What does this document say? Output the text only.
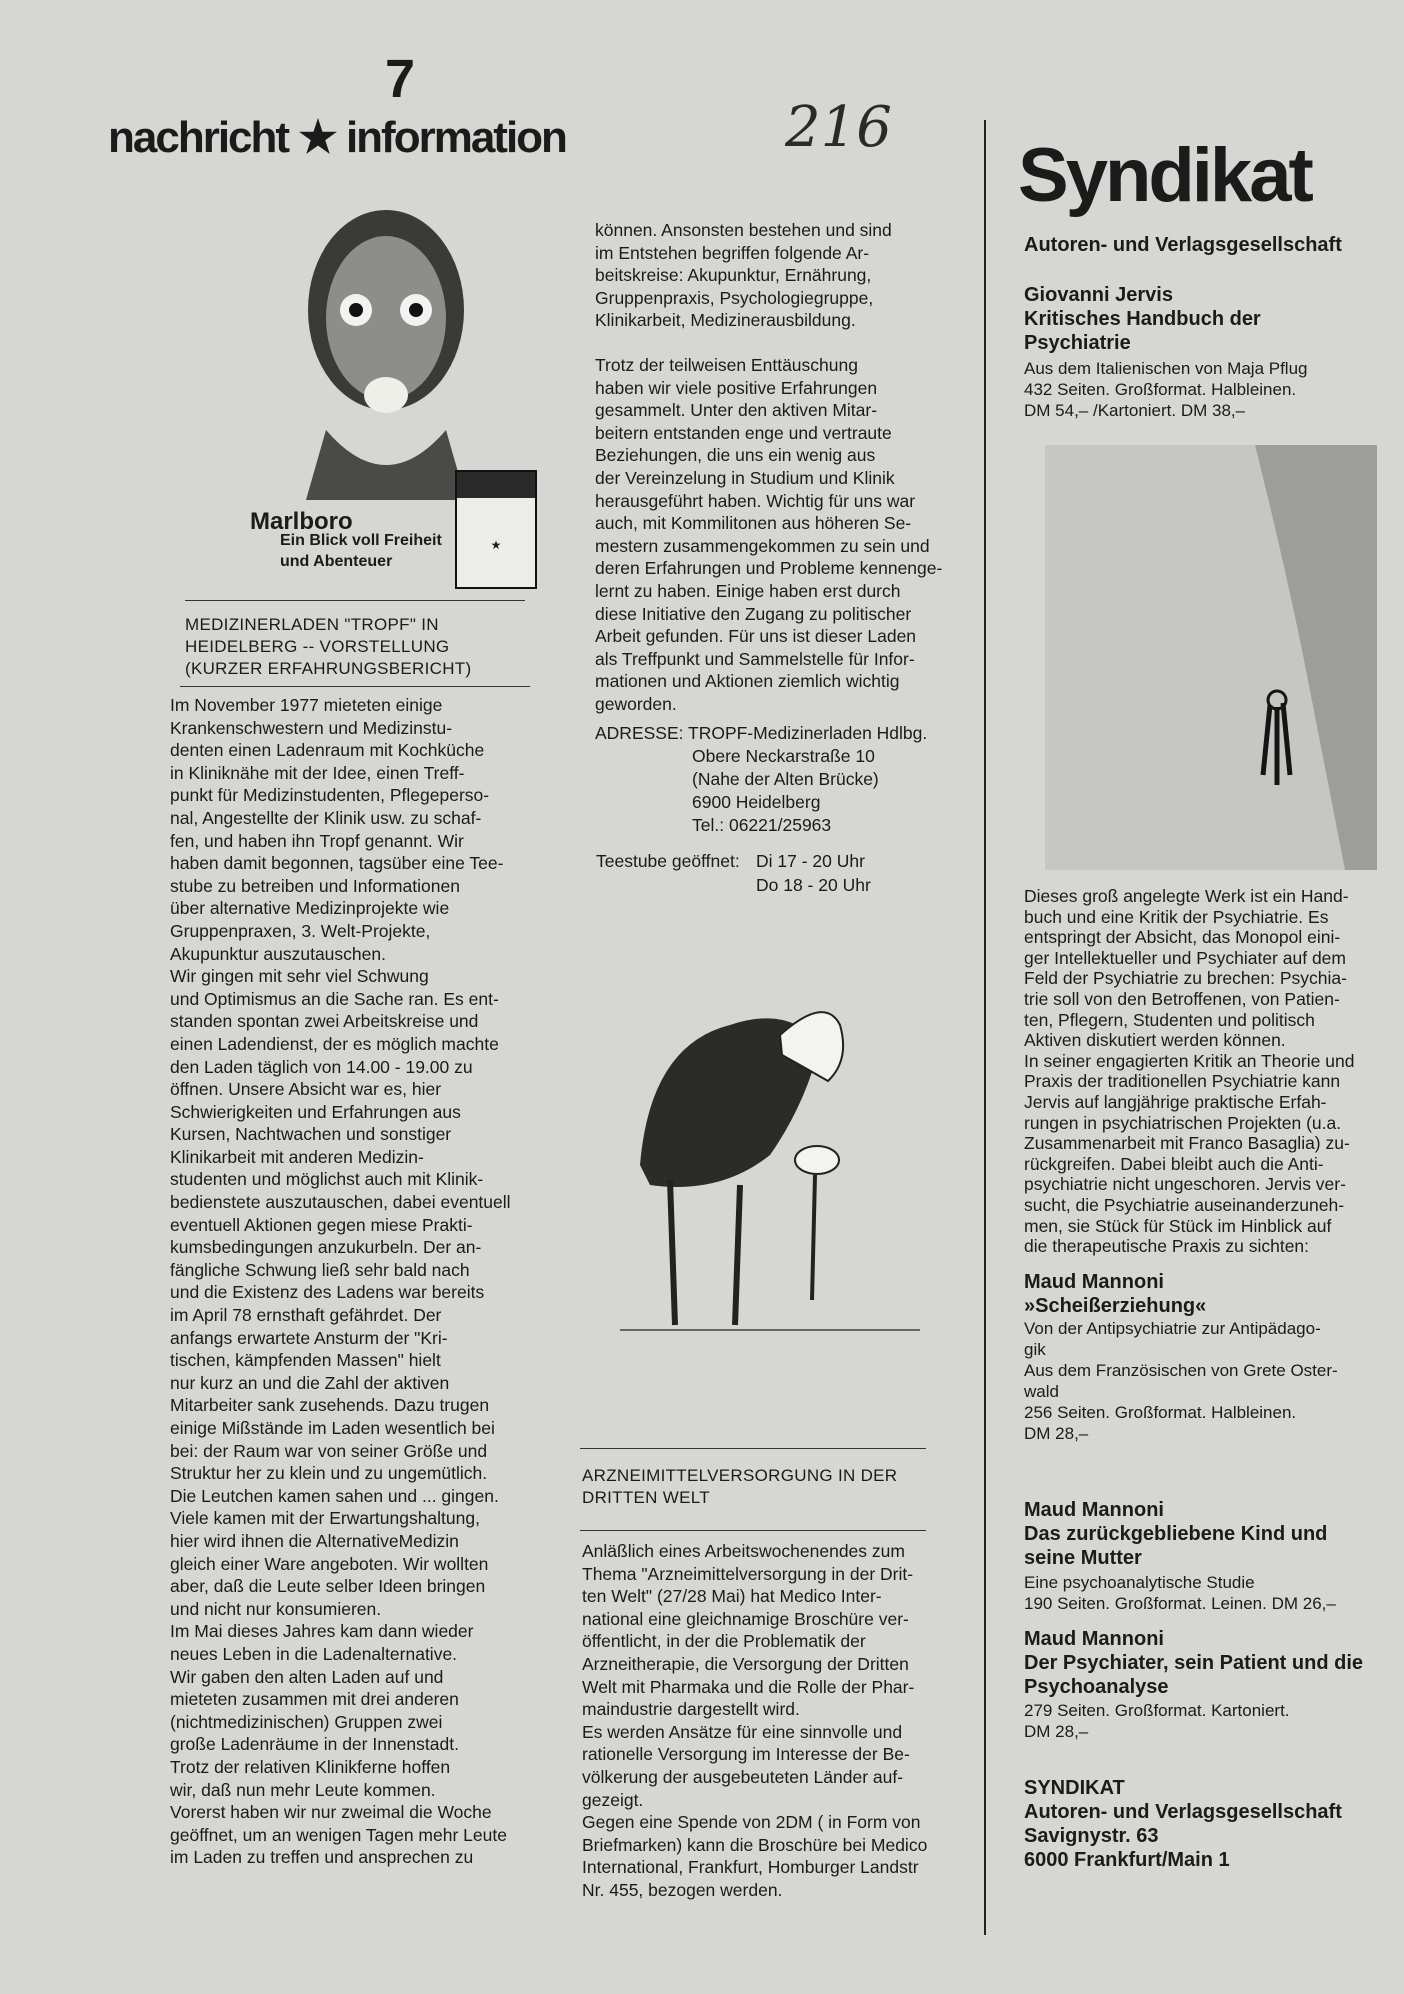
7
nachricht ★ information	216
★
Marlboro
Ein Blick voll Freiheit
und Abenteuer
MEDIZINERLADEN "TROPF" IN
HEIDELBERG -- VORSTELLUNG
(KURZER ERFAHRUNGSBERICHT)
Im November 1977 mieteten einige
Krankenschwestern und Medizinstu-
denten einen Ladenraum mit Kochküche
in Kliniknähe mit der Idee, einen Treff-
punkt für Medizinstudenten, Pflegeperso-
nal, Angestellte der Klinik usw. zu schaf-
fen, und haben ihn Tropf genannt. Wir
haben damit begonnen, tagsüber eine Tee-
stube zu betreiben und Informationen
über alternative Medizinprojekte wie
Gruppenpraxen, 3. Welt-Projekte,
Akupunktur auszutauschen.
Wir gingen mit sehr viel Schwung
und Optimismus an die Sache ran. Es ent-
standen spontan zwei Arbeitskreise und
einen Ladendienst, der es möglich machte
den Laden täglich von 14.00 - 19.00 zu
öffnen. Unsere Absicht war es, hier
Schwierigkeiten und Erfahrungen aus
Kursen, Nachtwachen und sonstiger
Klinikarbeit mit anderen Medizin-
studenten und möglichst auch mit Klinik-
bedienstete auszutauschen, dabei eventuell
eventuell Aktionen gegen miese Prakti-
kumsbedingungen anzukurbeln. Der an-
fängliche Schwung ließ sehr bald nach
und die Existenz des Ladens war bereits
im April 78 ernsthaft gefährdet. Der
anfangs erwartete Ansturm der "Kri-
tischen, kämpfenden Massen" hielt
nur kurz an und die Zahl der aktiven
Mitarbeiter sank zusehends. Dazu trugen
einige Mißstände im Laden wesentlich bei
bei: der Raum war von seiner Größe und
Struktur her zu klein und zu ungemütlich.
Die Leutchen kamen sahen und ... gingen.
Viele kamen mit der Erwartungshaltung,
hier wird ihnen die AlternativeMedizin
gleich einer Ware angeboten. Wir wollten
aber, daß die Leute selber Ideen bringen
und nicht nur konsumieren.
Im Mai dieses Jahres kam dann wieder
neues Leben in die Ladenalternative.
Wir gaben den alten Laden auf und
mieteten zusammen mit drei anderen
(nichtmedizinischen) Gruppen zwei
große Ladenräume in der Innenstadt.
Trotz der relativen Klinikferne hoffen
wir, daß nun mehr Leute kommen.
Vorerst haben wir nur zweimal die Woche
geöffnet, um an wenigen Tagen mehr Leute
im Laden zu treffen und ansprechen zu
können. Ansonsten bestehen und sind
im Entstehen begriffen folgende Ar-
beitskreise: Akupunktur, Ernährung,
Gruppenpraxis, Psychologiegruppe,
Klinikarbeit, Medizinerausbildung.
Trotz der teilweisen Enttäuschung
haben wir viele positive Erfahrungen
gesammelt. Unter den aktiven Mitar-
beitern entstanden enge und vertraute
Beziehungen, die uns ein wenig aus
der Vereinzelung in Studium und Klinik
herausgeführt haben. Wichtig für uns war
auch, mit Kommilitonen aus höheren Se-
mestern zusammengekommen zu sein und
deren Erfahrungen und Probleme kennenge-
lernt zu haben. Einige haben erst durch
diese Initiative den Zugang zu politischer
Arbeit gefunden. Für uns ist dieser Laden
als Treffpunkt und Sammelstelle für Infor-
mationen und Aktionen ziemlich wichtig
geworden.
ADRESSE: TROPF-Medizinerladen Hdlbg.
Obere Neckarstraße 10
(Nahe der Alten Brücke)
6900 Heidelberg
Tel.: 06221/25963
Teestube geöffnet: Di 17 - 20 Uhr
Do 18 - 20 Uhr
ARZNEIMITTELVERSORGUNG IN DER
DRITTEN WELT
Anläßlich eines Arbeitswochenendes zum
Thema "Arzneimittelversorgung in der Drit-
ten Welt" (27/28 Mai) hat Medico Inter-
national eine gleichnamige Broschüre ver-
öffentlicht, in der die Problematik der
Arzneitherapie, die Versorgung der Dritten
Welt mit Pharmaka und die Rolle der Phar-
maindustrie dargestellt wird.
Es werden Ansätze für eine sinnvolle und
rationelle Versorgung im Interesse der Be-
völkerung der ausgebeuteten Länder auf-
gezeigt.
Gegen eine Spende von 2DM ( in Form von
Briefmarken) kann die Broschüre bei Medico
International, Frankfurt, Homburger Landstr
Nr. 455, bezogen werden.
Syndikat
Autoren- und Verlagsgesellschaft
Giovanni Jervis
Kritisches Handbuch der
Psychiatrie
Aus dem Italienischen von Maja Pflug
432 Seiten. Großformat. Halbleinen.
DM 54,– /Kartoniert. DM 38,–
Dieses groß angelegte Werk ist ein Hand-
buch und eine Kritik der Psychiatrie. Es
entspringt der Absicht, das Monopol eini-
ger Intellektueller und Psychiater auf dem
Feld der Psychiatrie zu brechen: Psychia-
trie soll von den Betroffenen, von Patien-
ten, Pflegern, Studenten und politisch
Aktiven diskutiert werden können.
In seiner engagierten Kritik an Theorie und
Praxis der traditionellen Psychiatrie kann
Jervis auf langjährige praktische Erfah-
rungen in psychiatrischen Projekten (u.a.
Zusammenarbeit mit Franco Basaglia) zu-
rückgreifen. Dabei bleibt auch die Anti-
psychiatrie nicht ungeschoren. Jervis ver-
sucht, die Psychiatrie auseinanderzuneh-
men, sie Stück für Stück im Hinblick auf
die therapeutische Praxis zu sichten:
Maud Mannoni
»Scheißerziehung«
Von der Antipsychiatrie zur Antipädago-
gik
Aus dem Französischen von Grete Oster-
wald
256 Seiten. Großformat. Halbleinen.
DM 28,–
Maud Mannoni
Das zurückgebliebene Kind und
seine Mutter
Eine psychoanalytische Studie
190 Seiten. Großformat. Leinen. DM 26,–
Maud Mannoni
Der Psychiater, sein Patient und die
Psychoanalyse
279 Seiten. Großformat. Kartoniert.
DM 28,–
SYNDIKAT
Autoren- und Verlagsgesellschaft
Savignystr. 63
6000 Frankfurt/Main 1
